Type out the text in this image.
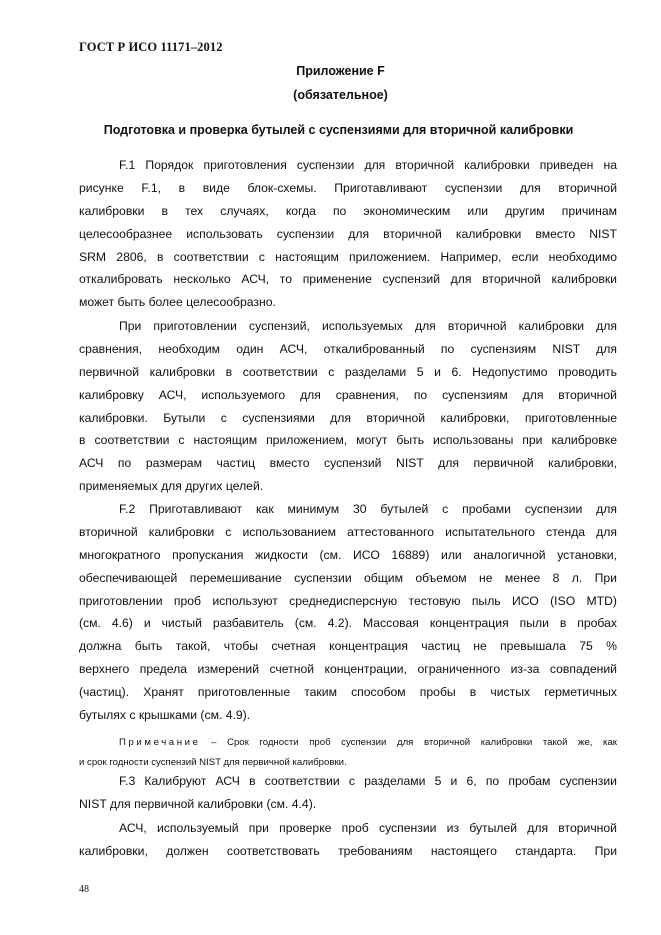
ГОСТ Р ИСО 11171–2012
Приложение F
(обязательное)
Подготовка и проверка бутылей с суспензиями для вторичной калибровки
F.1 Порядок приготовления суспензии для вторичной калибровки приведен на
рисунке F.1, в виде блок-схемы. Приготавливают суспензии для вторичной
калибровки в тех случаях, когда по экономическим или другим причинам
целесообразнее использовать суспензии для вторичной калибровки вместо NIST
SRM 2806, в соответствии с настоящим приложением. Например, если необходимо
откалибровать несколько АСЧ, то применение суспензий для вторичной калибровки
может быть более целесообразно.
При приготовлении суспензий, используемых для вторичной калибровки для
сравнения, необходим один АСЧ, откалиброванный по суспензиям NIST для
первичной калибровки в соответствии с разделами 5 и 6. Недопустимо проводить
калибровку АСЧ, используемого для сравнения, по суспензиям для вторичной
калибровки. Бутыли с суспензиями для вторичной калибровки, приготовленные
в соответствии с настоящим приложением, могут быть использованы при калибровке
АСЧ по размерам частиц вместо суспензий NIST для первичной калибровки,
применяемых для других целей.
F.2 Приготавливают как минимум 30 бутылей с пробами суспензии для
вторичной калибровки с использованием аттестованного испытательного стенда для
многократного пропускания жидкости (см. ИСО 16889) или аналогичной установки,
обеспечивающей перемешивание суспензии общим объемом не менее 8 л. При
приготовлении проб используют среднедисперсную тестовую пыль ИСО (ISO MTD)
(см. 4.6) и чистый разбавитель (см. 4.2). Массовая концентрация пыли в пробах
должна быть такой, чтобы счетная концентрация частиц не превышала 75 %
верхнего предела измерений счетной концентрации, ограниченного из-за совпадений
(частиц). Хранят приготовленные таким способом пробы в чистых герметичных
бутылях с крышками (см. 4.9).
Примечание – Срок годности проб суспензии для вторичной калибровки такой же, как
и срок годности суспензий NIST для первичной калибровки.
F.3 Калибруют АСЧ в соответствии с разделами 5 и 6, по пробам суспензии
NIST для первичной калибровки (см. 4.4).
АСЧ, используемый при проверке проб суспензии из бутылей для вторичной
калибровки, должен соответствовать требованиям настоящего стандарта. При
48
